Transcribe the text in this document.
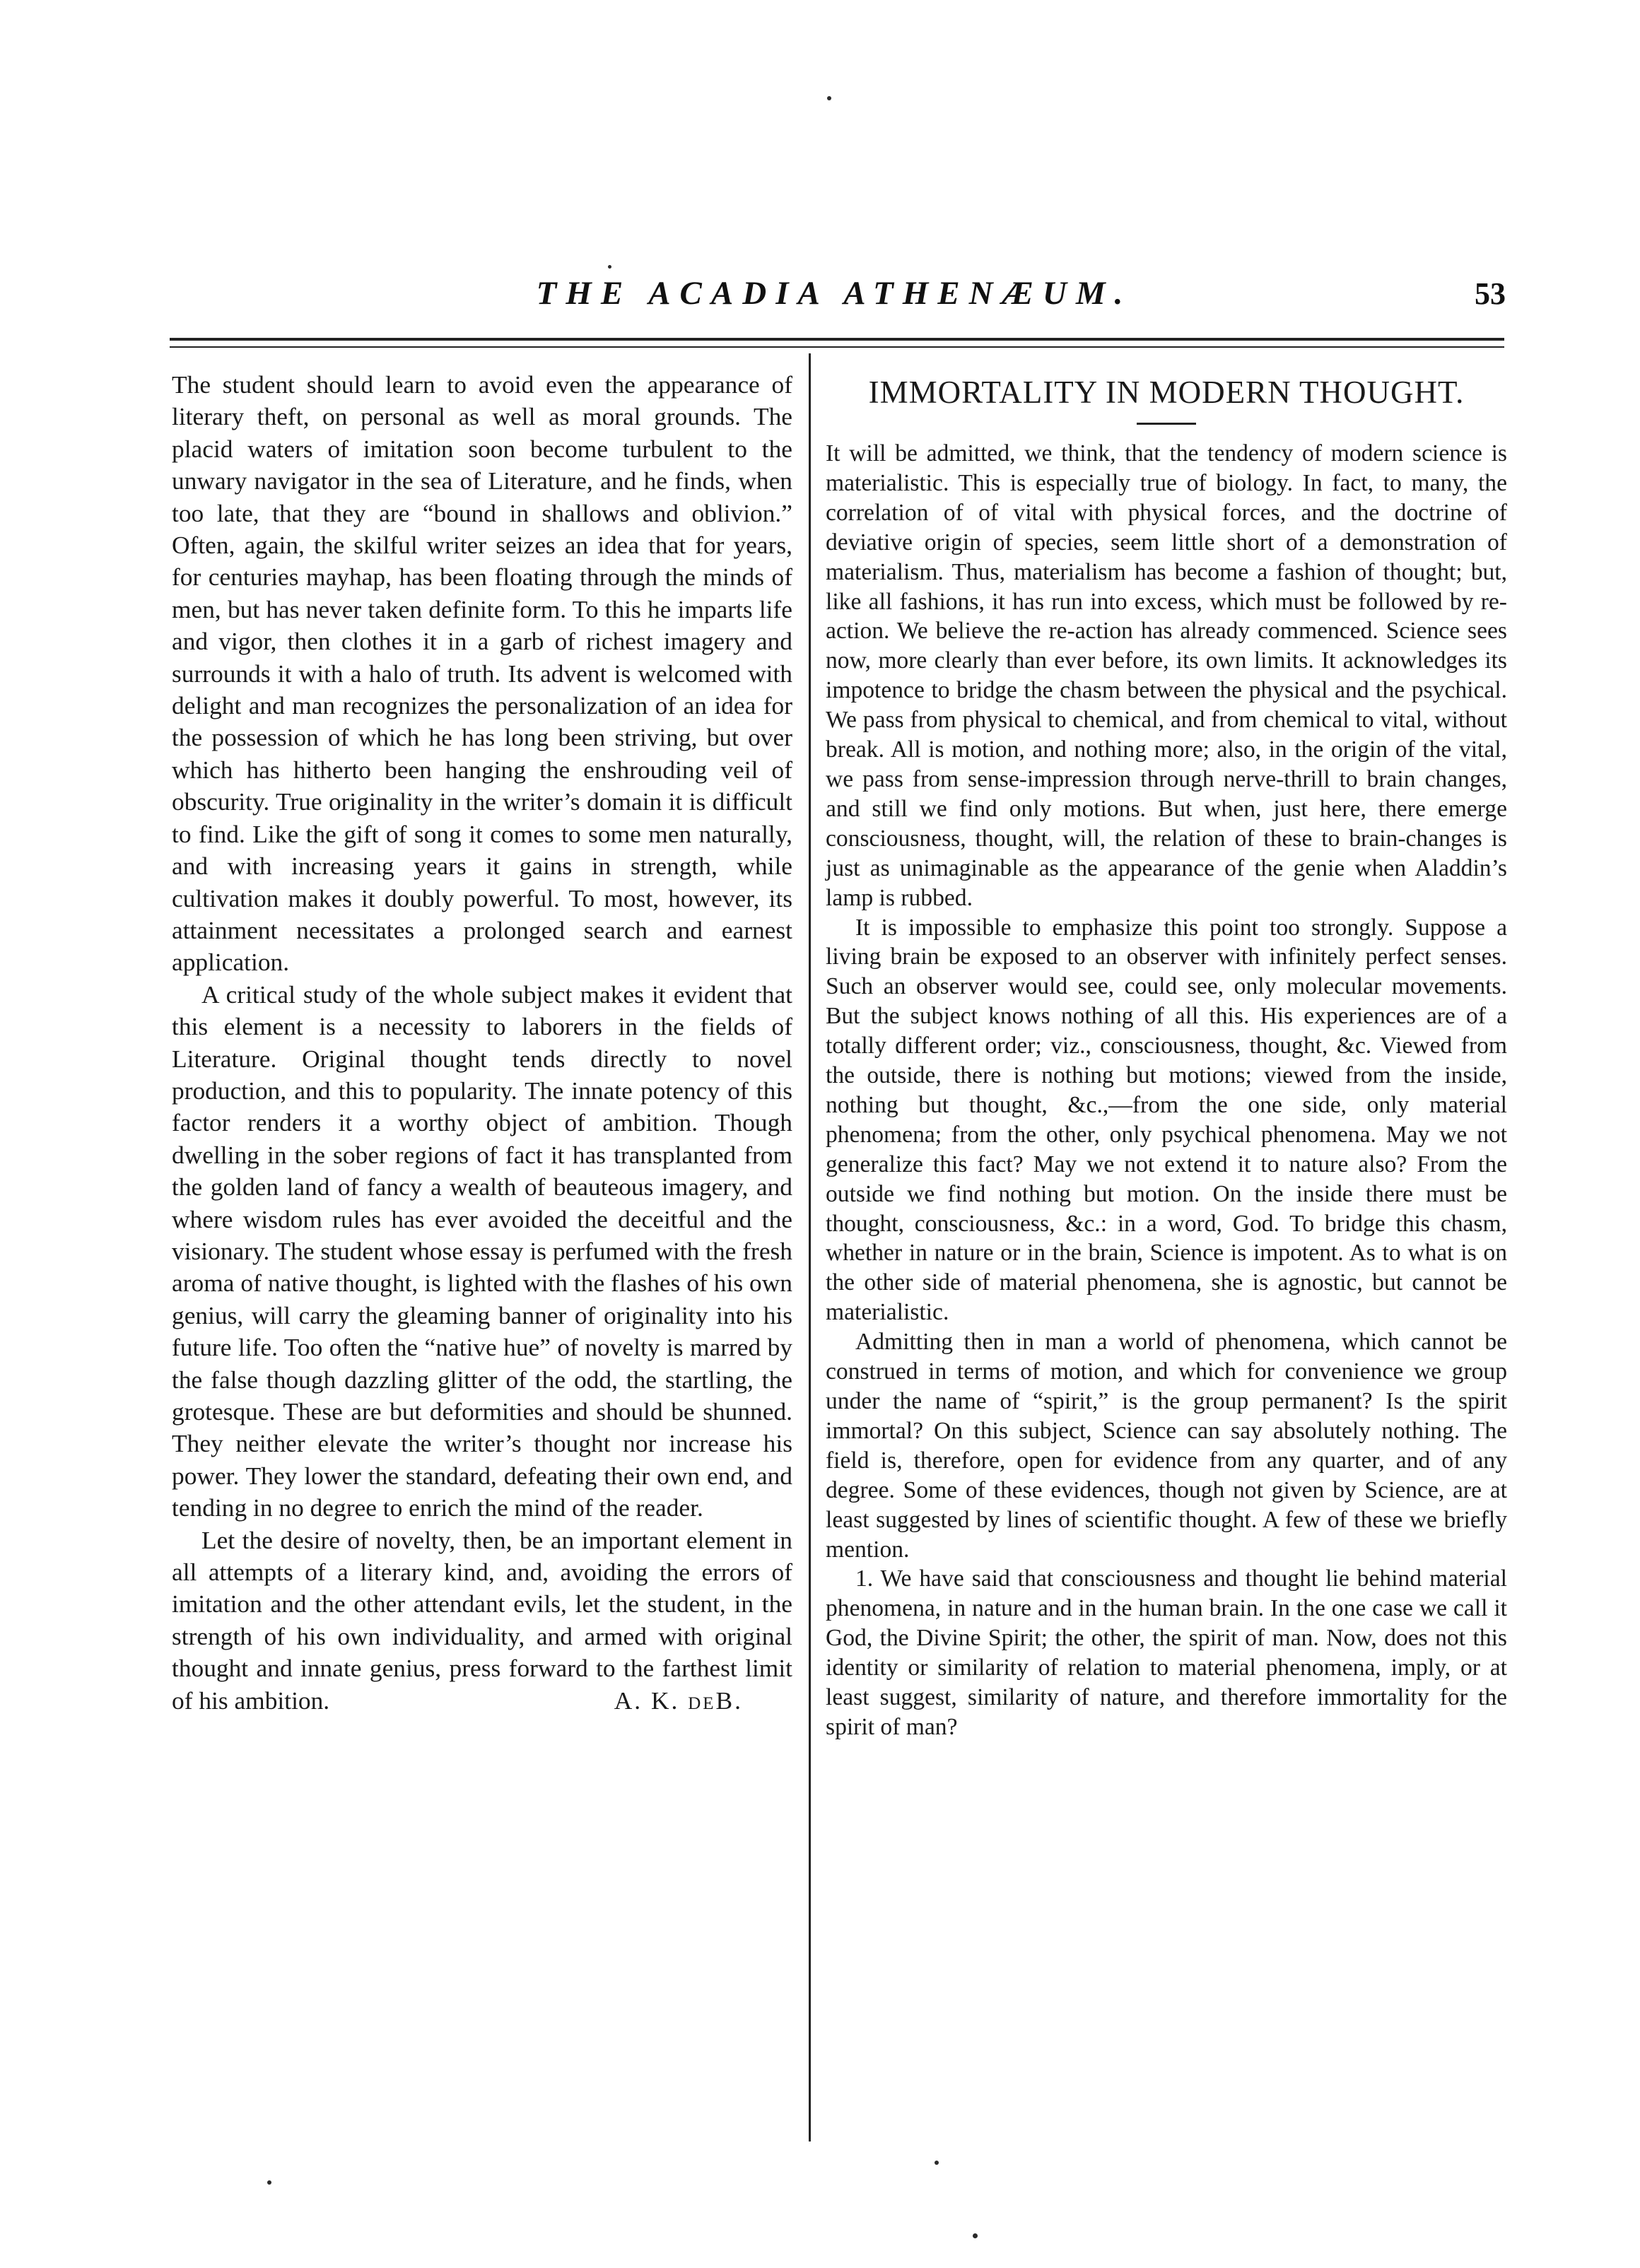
THE ACADIA ATHENÆUM.	53

The student should learn to avoid even the appearance of literary theft, on personal as well as moral grounds. The placid waters of imitation soon become turbulent to the unwary navigator in the sea of Literature, and he finds, when too late, that they are “bound in shallows and oblivion.” Often, again, the skilful writer seizes an idea that for years, for centuries mayhap, has been floating through the minds of men, but has never taken definite form. To this he imparts life and vigor, then clothes it in a garb of richest imagery and surrounds it with a halo of truth. Its advent is welcomed with delight and man recognizes the personalization of an idea for the possession of which he has long been striving, but over which has hitherto been hanging the enshrouding veil of obscurity. True originality in the writer’s domain it is difficult to find. Like the gift of song it comes to some men naturally, and with increasing years it gains in strength, while cultivation makes it doubly powerful. To most, however, its attainment necessitates a prolonged search and earnest application.

A critical study of the whole subject makes it evident that this element is a necessity to laborers in the fields of Literature. Original thought tends directly to novel production, and this to popularity. The innate potency of this factor renders it a worthy object of ambition. Though dwelling in the sober regions of fact it has transplanted from the golden land of fancy a wealth of beauteous imagery, and where wisdom rules has ever avoided the deceitful and the visionary. The student whose essay is perfumed with the fresh aroma of native thought, is lighted with the flashes of his own genius, will carry the gleaming banner of originality into his future life. Too often the “native hue” of novelty is marred by the false though dazzling glitter of the odd, the startling, the grotesque. These are but deformities and should be shunned. They neither elevate the writer’s thought nor increase his power. They lower the standard, defeating their own end, and tending in no degree to enrich the mind of the reader.

Let the desire of novelty, then, be an important element in all attempts of a literary kind, and, avoiding the errors of imitation and the other attendant evils, let the student, in the strength of his own individuality, and armed with original thought and innate genius, press forward to the farthest limit of his ambition.	A. K. deB.
IMMORTALITY IN MODERN THOUGHT.

It will be admitted, we think, that the tendency of modern science is materialistic. This is especially true of biology. In fact, to many, the correlation of of vital with physical forces, and the doctrine of deviative origin of species, seem little short of a demonstration of materialism. Thus, materialism has become a fashion of thought; but, like all fashions, it has run into excess, which must be followed by re-action. We believe the re-action has already commenced. Science sees now, more clearly than ever before, its own limits. It acknowledges its impotence to bridge the chasm between the physical and the psychical. We pass from physical to chemical, and from chemical to vital, without break. All is motion, and nothing more; also, in the origin of the vital, we pass from sense-impression through nerve-thrill to brain changes, and still we find only motions. But when, just here, there emerge consciousness, thought, will, the relation of these to brain-changes is just as unimaginable as the appearance of the genie when Aladdin’s lamp is rubbed.

It is impossible to emphasize this point too strongly. Suppose a living brain be exposed to an observer with infinitely perfect senses. Such an observer would see, could see, only molecular movements. But the subject knows nothing of all this. His experiences are of a totally different order; viz., consciousness, thought, &c. Viewed from the outside, there is nothing but motions; viewed from the inside, nothing but thought, &c.,—from the one side, only material phenomena; from the other, only psychical phenomena. May we not generalize this fact? May we not extend it to nature also? From the outside we find nothing but motion. On the inside there must be thought, consciousness, &c.: in a word, God. To bridge this chasm, whether in nature or in the brain, Science is impotent. As to what is on the other side of material phenomena, she is agnostic, but cannot be materialistic.

Admitting then in man a world of phenomena, which cannot be construed in terms of motion, and which for convenience we group under the name of “spirit,” is the group permanent? Is the spirit immortal? On this subject, Science can say absolutely nothing. The field is, therefore, open for evidence from any quarter, and of any degree. Some of these evidences, though not given by Science, are at least suggested by lines of scientific thought. A few of these we briefly mention.

1. We have said that consciousness and thought lie behind material phenomena, in nature and in the human brain. In the one case we call it God, the Divine Spirit; the other, the spirit of man. Now, does not this identity or similarity of relation to material phenomena, imply, or at least suggest, similarity of nature, and therefore immortality for the spirit of man?
